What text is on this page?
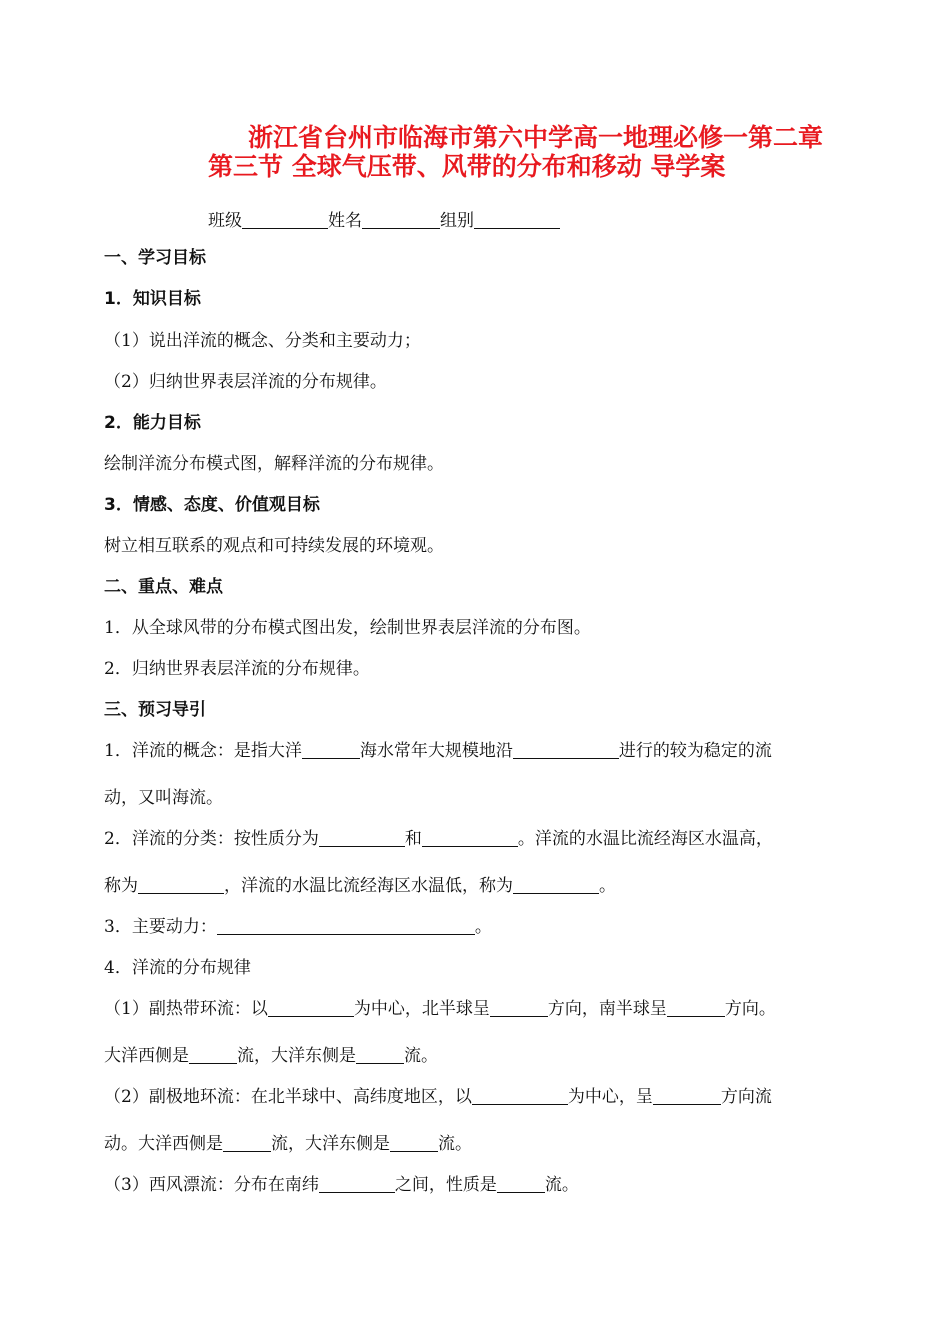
浙江省台州市临海市第六中学高一地理必修一第二章
第三节 全球气压带、风带的分布和移动 导学案
班级	姓名	组别
一、学习目标
1．知识目标
（1）说出洋流的概念、分类和主要动力；
（2）归纳世界表层洋流的分布规律。
2．能力目标
绘制洋流分布模式图，解释洋流的分布规律。
3．情感、态度、价值观目标
树立相互联系的观点和可持续发展的环境观。
二、重点、难点
1．从全球风带的分布模式图出发，绘制世界表层洋流的分布图。
2．归纳世界表层洋流的分布规律。
三、预习导引
1．洋流的概念：是指大洋	海水常年大规模地沿	进行的较为稳定的流
动，又叫海流。
2．洋流的分类：按性质分为	和	。洋流的水温比流经海区水温高，
称为	，洋流的水温比流经海区水温低，称为	。
3．主要动力：	。
4．洋流的分布规律
（1）副热带环流：以	为中心，北半球呈	方向，南半球呈	方向。
大洋西侧是	流，大洋东侧是	流。
（2）副极地环流：在北半球中、高纬度地区，以	为中心，呈	方向流
动。大洋西侧是	流，大洋东侧是	流。
（3）西风漂流：分布在南纬	之间，性质是	流。
